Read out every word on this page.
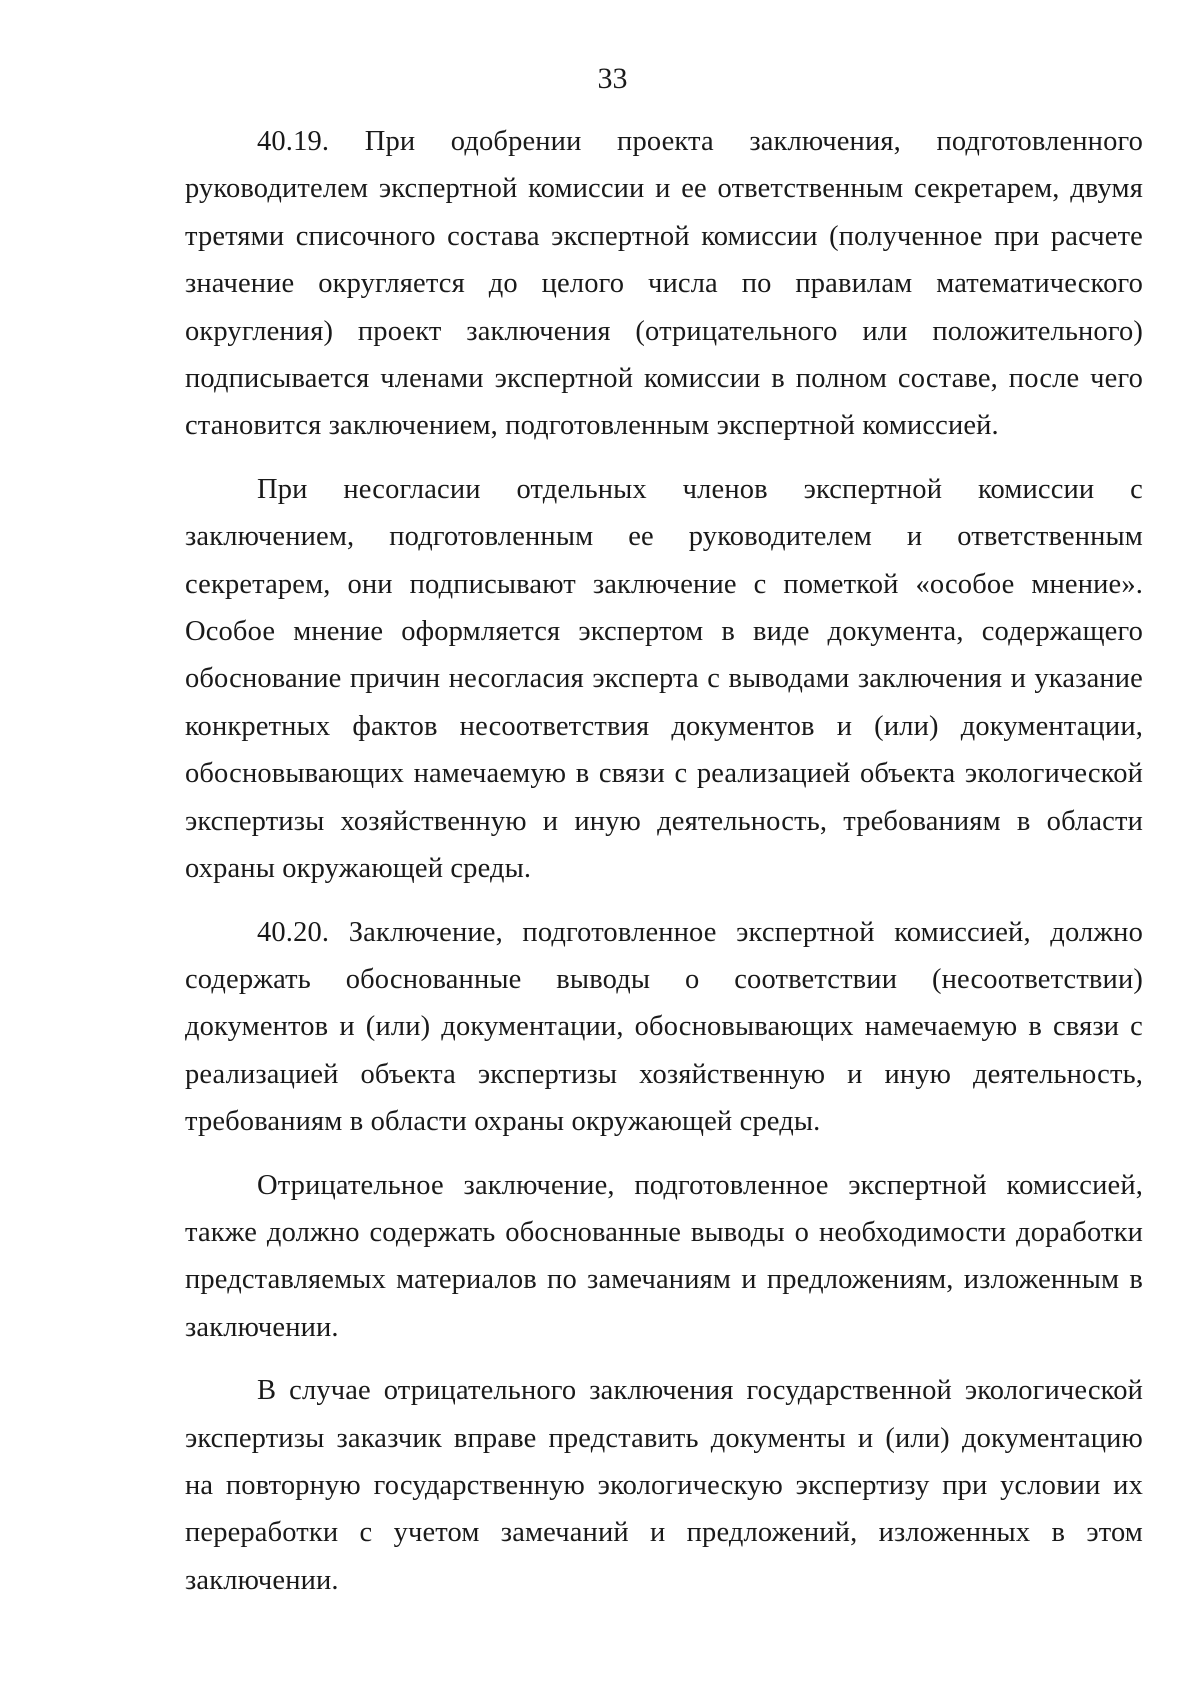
33

40.19. При одобрении проекта заключения, подготовленного руководителем экспертной комиссии и ее ответственным секретарем, двумя третями списочного состава экспертной комиссии (полученное при расчете значение округляется до целого числа по правилам математического округления) проект заключения (отрицательного или положительного) подписывается членами экспертной комиссии в полном составе, после чего становится заключением, подготовленным экспертной комиссией.

При несогласии отдельных членов экспертной комиссии с заключением, подготовленным ее руководителем и ответственным секретарем, они подписывают заключение с пометкой «особое мнение». Особое мнение оформляется экспертом в виде документа, содержащего обоснование причин несогласия эксперта с выводами заключения и указание конкретных фактов несоответствия документов и (или) документации, обосновывающих намечаемую в связи с реализацией объекта экологической экспертизы хозяйственную и иную деятельность, требованиям в области охраны окружающей среды.

40.20. Заключение, подготовленное экспертной комиссией, должно содержать обоснованные выводы о соответствии (несоответствии) документов и (или) документации, обосновывающих намечаемую в связи с реализацией объекта экспертизы хозяйственную и иную деятельность, требованиям в области охраны окружающей среды.

Отрицательное заключение, подготовленное экспертной комиссией, также должно содержать обоснованные выводы о необходимости доработки представляемых материалов по замечаниям и предложениям, изложенным в заключении.

В случае отрицательного заключения государственной экологической экспертизы заказчик вправе представить документы и (или) документацию на повторную государственную экологическую экспертизу при условии их переработки с учетом замечаний и предложений, изложенных в этом заключении.
